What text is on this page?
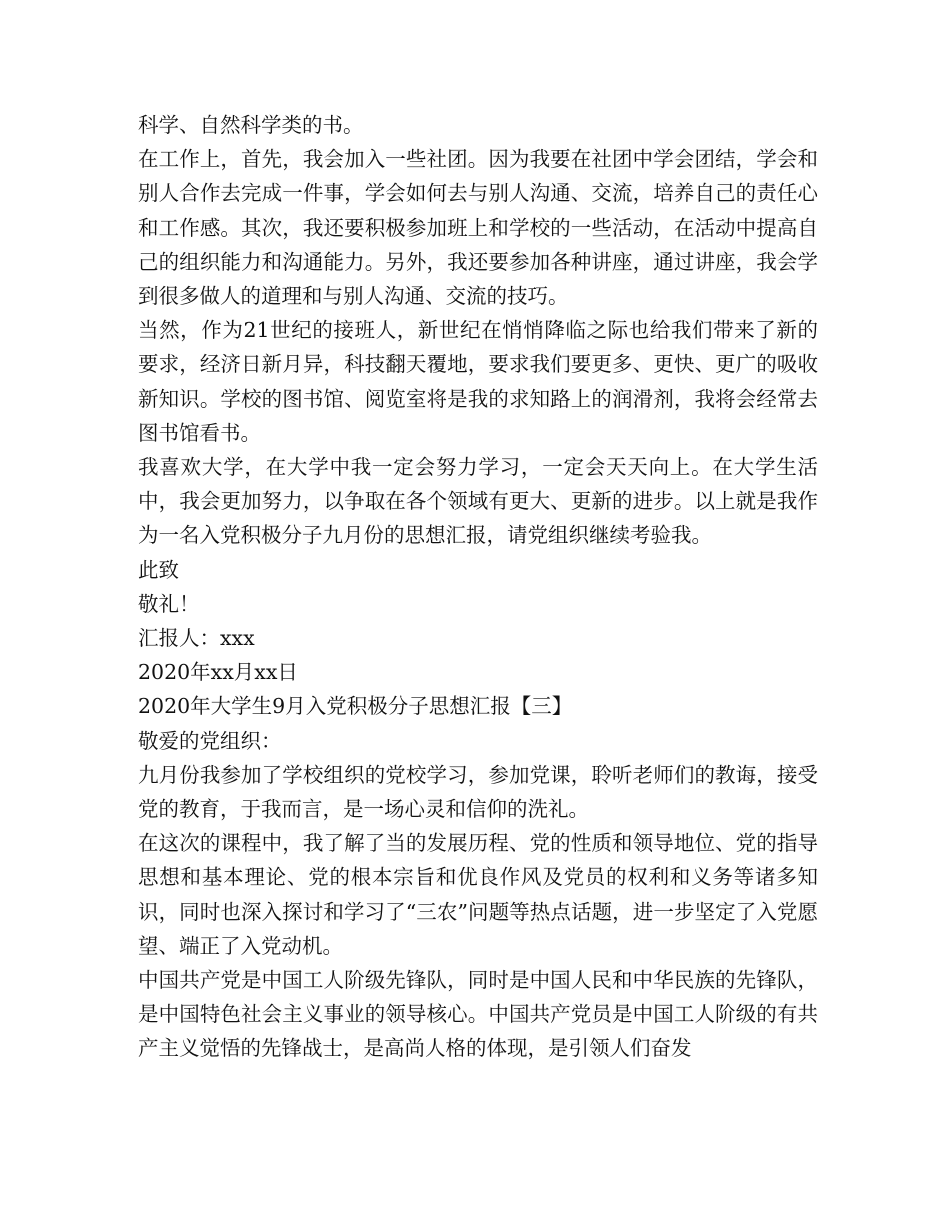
科学、自然科学类的书。

在工作上，首先，我会加入一些社团。因为我要在社团中学会团结，学会和别人合作去完成一件事，学会如何去与别人沟通、交流，培养自己的责任心和工作感。其次，我还要积极参加班上和学校的一些活动，在活动中提高自己的组织能力和沟通能力。另外，我还要参加各种讲座，通过讲座，我会学到很多做人的道理和与别人沟通、交流的技巧。

当然，作为21世纪的接班人，新世纪在悄悄降临之际也给我们带来了新的要求，经济日新月异，科技翻天覆地，要求我们要更多、更快、更广的吸收新知识。学校的图书馆、阅览室将是我的求知路上的润滑剂，我将会经常去图书馆看书。

我喜欢大学，在大学中我一定会努力学习，一定会天天向上。在大学生活中，我会更加努力，以争取在各个领域有更大、更新的进步。以上就是我作为一名入党积极分子九月份的思想汇报，请党组织继续考验我。

此致

敬礼！

汇报人：xxx

2020年xx月xx日

2020年大学生9月入党积极分子思想汇报【三】

敬爱的党组织：

九月份我参加了学校组织的党校学习，参加党课，聆听老师们的教诲，接受党的教育，于我而言，是一场心灵和信仰的洗礼。

在这次的课程中，我了解了当的发展历程、党的性质和领导地位、党的指导思想和基本理论、党的根本宗旨和优良作风及党员的权利和义务等诸多知识，同时也深入探讨和学习了“三农”问题等热点话题，进一步坚定了入党愿望、端正了入党动机。

中国共产党是中国工人阶级先锋队，同时是中国人民和中华民族的先锋队，是中国特色社会主义事业的领导核心。中国共产党员是中国工人阶级的有共产主义觉悟的先锋战士，是高尚人格的体现，是引领人们奋发
